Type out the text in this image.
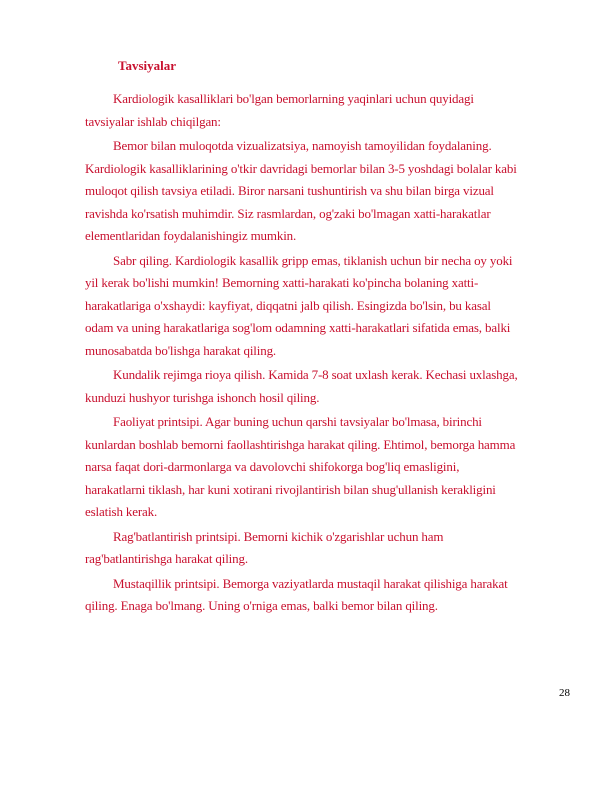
Tavsiyalar

Kardiologik kasalliklari bo'lgan bemorlarning yaqinlari uchun quyidagi
tavsiyalar ishlab chiqilgan:

Bemor bilan muloqotda vizualizatsiya, namoyish tamoyilidan foydalaning.
Kardiologik kasalliklarining o'tkir davridagi bemorlar bilan 3-5 yoshdagi bolalar kabi
muloqot qilish tavsiya etiladi. Biror narsani tushuntirish va shu bilan birga vizual
ravishda ko'rsatish muhimdir. Siz rasmlardan, og'zaki bo'lmagan xatti-harakatlar
elementlaridan foydalanishingiz mumkin.

Sabr qiling. Kardiologik kasallik gripp emas, tiklanish uchun bir necha oy yoki
yil kerak bo'lishi mumkin! Bemorning xatti-harakati ko'pincha bolaning xatti-
harakatlariga o'xshaydi: kayfiyat, diqqatni jalb qilish. Esingizda bo'lsin, bu kasal
odam va uning harakatlariga sog'lom odamning xatti-harakatlari sifatida emas, balki
munosabatda bo'lishga harakat qiling.

Kundalik rejimga rioya qilish. Kamida 7-8 soat uxlash kerak. Kechasi uxlashga,
kunduzi hushyor turishga ishonch hosil qiling.

Faoliyat printsipi. Agar buning uchun qarshi tavsiyalar bo'lmasa, birinchi
kunlardan boshlab bemorni faollashtirishga harakat qiling. Ehtimol, bemorga hamma
narsa faqat dori-darmonlarga va davolovchi shifokorga bog'liq emasligini,
harakatlarni tiklash, har kuni xotirani rivojlantirish bilan shug'ullanish kerakligini
eslatish kerak.

Rag'batlantirish printsipi. Bemorni kichik o'zgarishlar uchun ham
rag'batlantirishga harakat qiling.

Mustaqillik printsipi. Bemorga vaziyatlarda mustaqil harakat qilishiga harakat
qiling. Enaga bo'lmang. Uning o'rniga emas, balki bemor bilan qiling.

28
